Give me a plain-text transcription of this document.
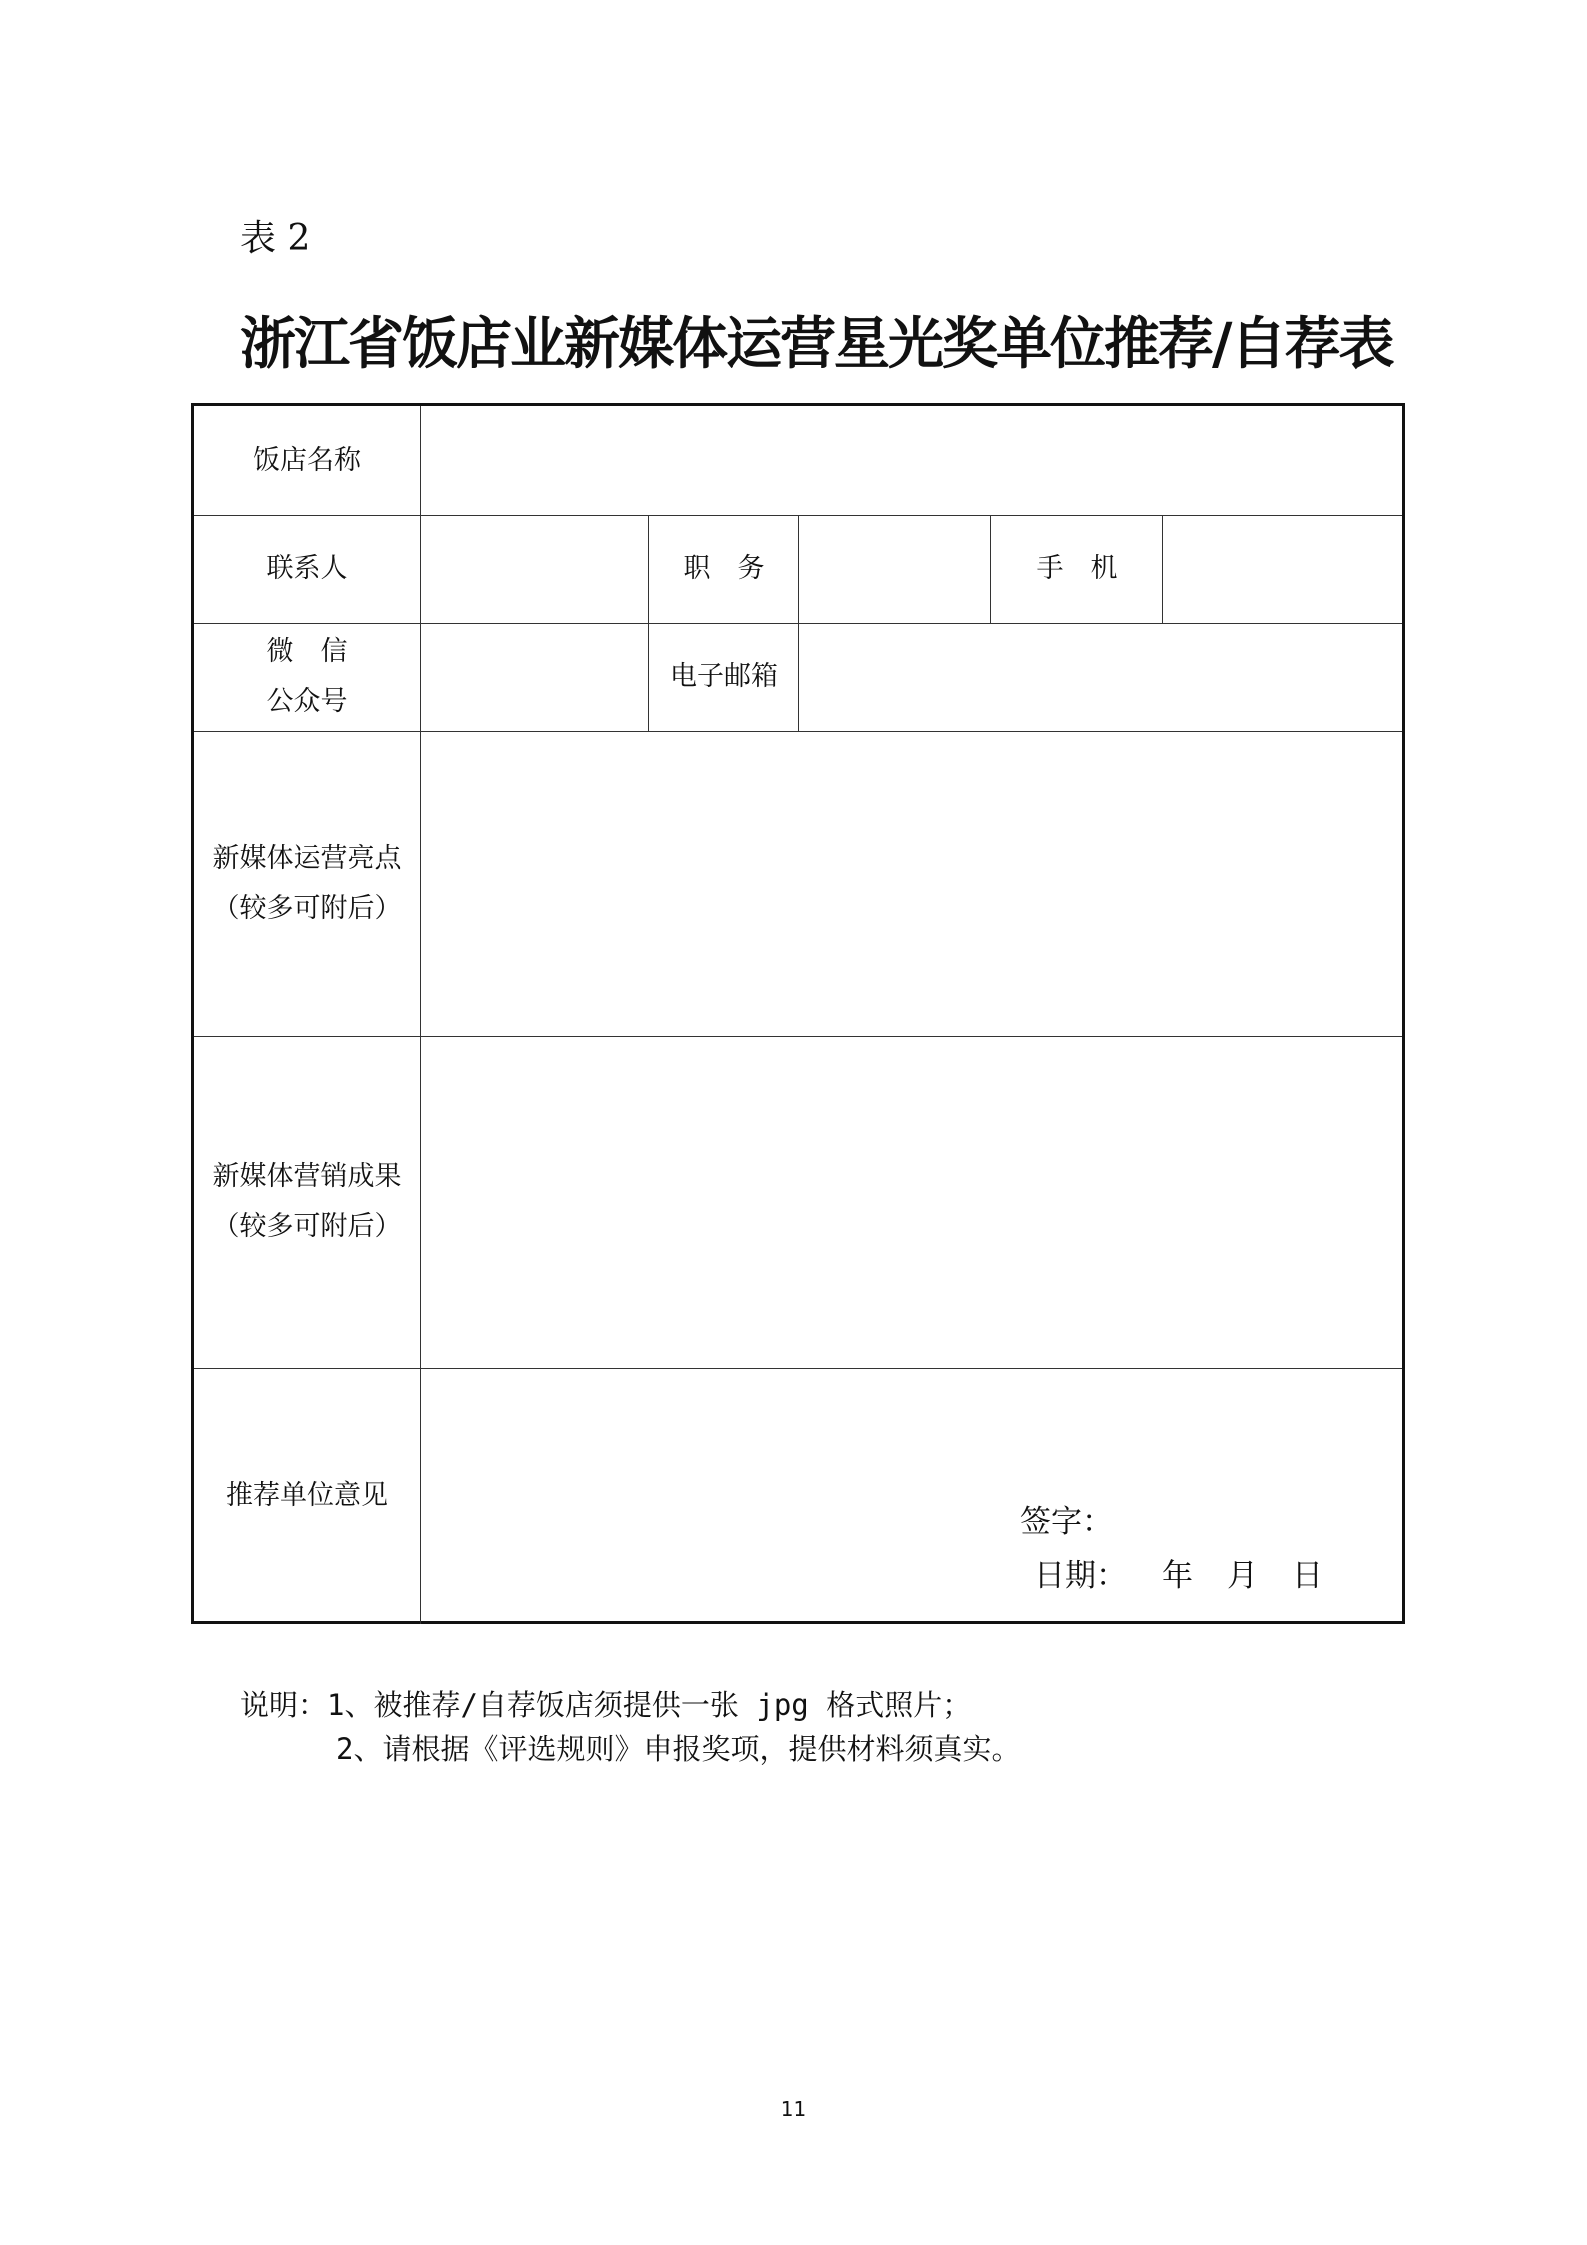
表 2
浙江省饭店业新媒体运营星光奖单位推荐/自荐表
饭店名称
联系人	职　务	手　机
微　信
公众号
电子邮箱
新媒体运营亮点
（较多可附后）
新媒体营销成果
（较多可附后）
推荐单位意见
签字：
日期： 年 月 日
说明：1、被推荐/自荐饭店须提供一张 jpg 格式照片；
2、请根据《评选规则》申报奖项，提供材料须真实。
11
